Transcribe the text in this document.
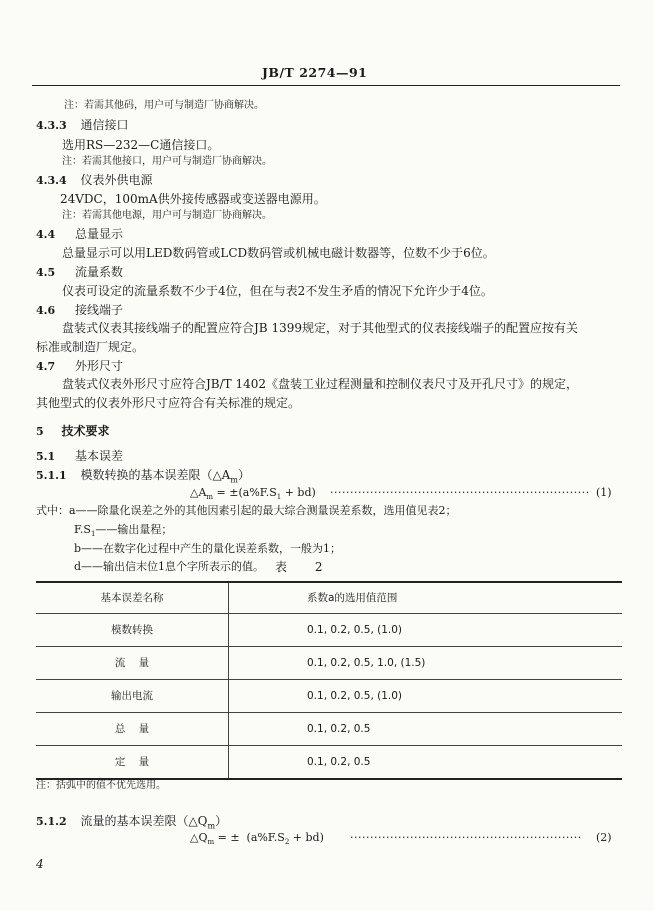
JB/T 2274—91
注：若需其他码，用户可与制造厂协商解决。
4.3.3 通信接口
选用RS—232—C通信接口。
注：若需其他接口，用户可与制造厂协商解决。
4.3.4 仪表外供电源
24VDC，100mA供外接传感器或变送器电源用。
注：若需其他电源，用户可与制造厂协商解决。
4.4 总量显示
总量显示可以用LED数码管或LCD数码管或机械电磁计数器等，位数不少于6位。
4.5 流量系数
仪表可设定的流量系数不少于4位，但在与表2不发生矛盾的情况下允许少于4位。
4.6 接线端子
盘装式仪表其接线端子的配置应符合JB 1399规定，对于其他型式的仪表接线端子的配置应按有关
标准或制造厂规定。
4.7 外形尺寸
盘装式仪表外形尺寸应符合JB/T 1402《盘装工业过程测量和控制仪表尺寸及开孔尺寸》的规定，
其他型式的仪表外形尺寸应符合有关标准的规定。
5 技术要求
5.1 基本误差
5.1.1 模数转换的基本误差限$(\triangle A_m)$
$\triangle A_m = \pm(a\%F.S_1 + bd)$ ································································· (1)
式中：a——除量化误差之外的其他因素引起的最大综合测量误差系数，选用值见表2；
$F.S_1——$输出量程；
b——在数字化过程中产生的量化误差系数，一般为1；
d——输出信末位1息个字所表示的值。 表 2
基本误差名称	系数a的选用值范围
模数转换	0.1, 0.2, 0.5, (1.0)
流    量	0.1, 0.2, 0.5, 1.0, (1.5)
输出电流	0.1, 0.2, 0.5, (1.0)
总    量	0.1, 0.2, 0.5
定    量	0.1, 0.2, 0.5
注：括弧中的值不优先选用。
5.1.2 流量的基本误差限$(\triangle Q_m)$
$\triangle Q_m$ = ±  $(a\%F.S_2 + bd)$ ··························································	(2)
4
